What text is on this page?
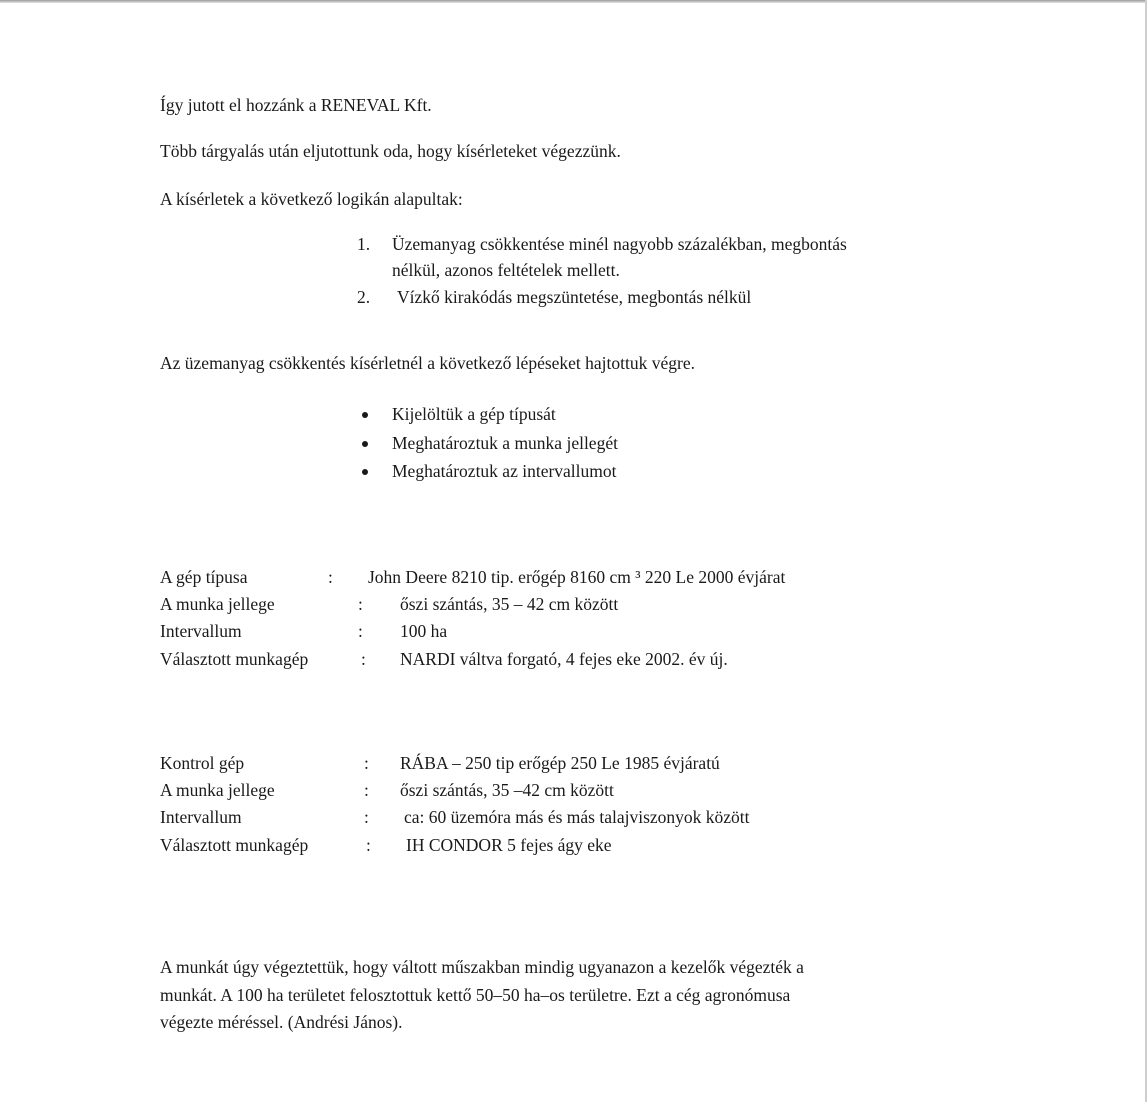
Így jutott el hozzánk a RENEVAL Kft.
Több tárgyalás után eljutottunk oda, hogy kísérleteket végezzünk.
A kísérletek a következő logikán alapultak:
1. Üzemanyag csökkentése minél nagyobb százalékban, megbontás
nélkül, azonos feltételek mellett.
2. Vízkő kirakódás megszüntetése, megbontás nélkül
Az üzemanyag csökkentés kísérletnél a következő lépéseket hajtottuk végre.
Kijelöltük a gép típusát
Meghatároztuk a munka jellegét
Meghatároztuk az intervallumot
A gép típusa	: John Deere 8210 tip. erőgép 8160 cm ³ 220 Le 2000 évjárat
A munka jellege	: őszi szántás, 35 – 42 cm között
Intervallum	: 100 ha
Választott munkagép	: NARDI váltva forgató, 4 fejes eke 2002. év új.
Kontrol gép	: RÁBA – 250 tip erőgép 250 Le 1985 évjáratú
A munka jellege	: őszi szántás, 35 –42 cm között
Intervallum	: ca: 60 üzemóra más és más talajviszonyok között
Választott munkagép	: IH CONDOR 5 fejes ágy eke
A munkát úgy végeztettük, hogy váltott műszakban mindig ugyanazon a kezelők végezték a
munkát. A 100 ha területet felosztottuk kettő 50–50 ha–os területre. Ezt a cég agronómusa
végezte méréssel. (Andrési János).
